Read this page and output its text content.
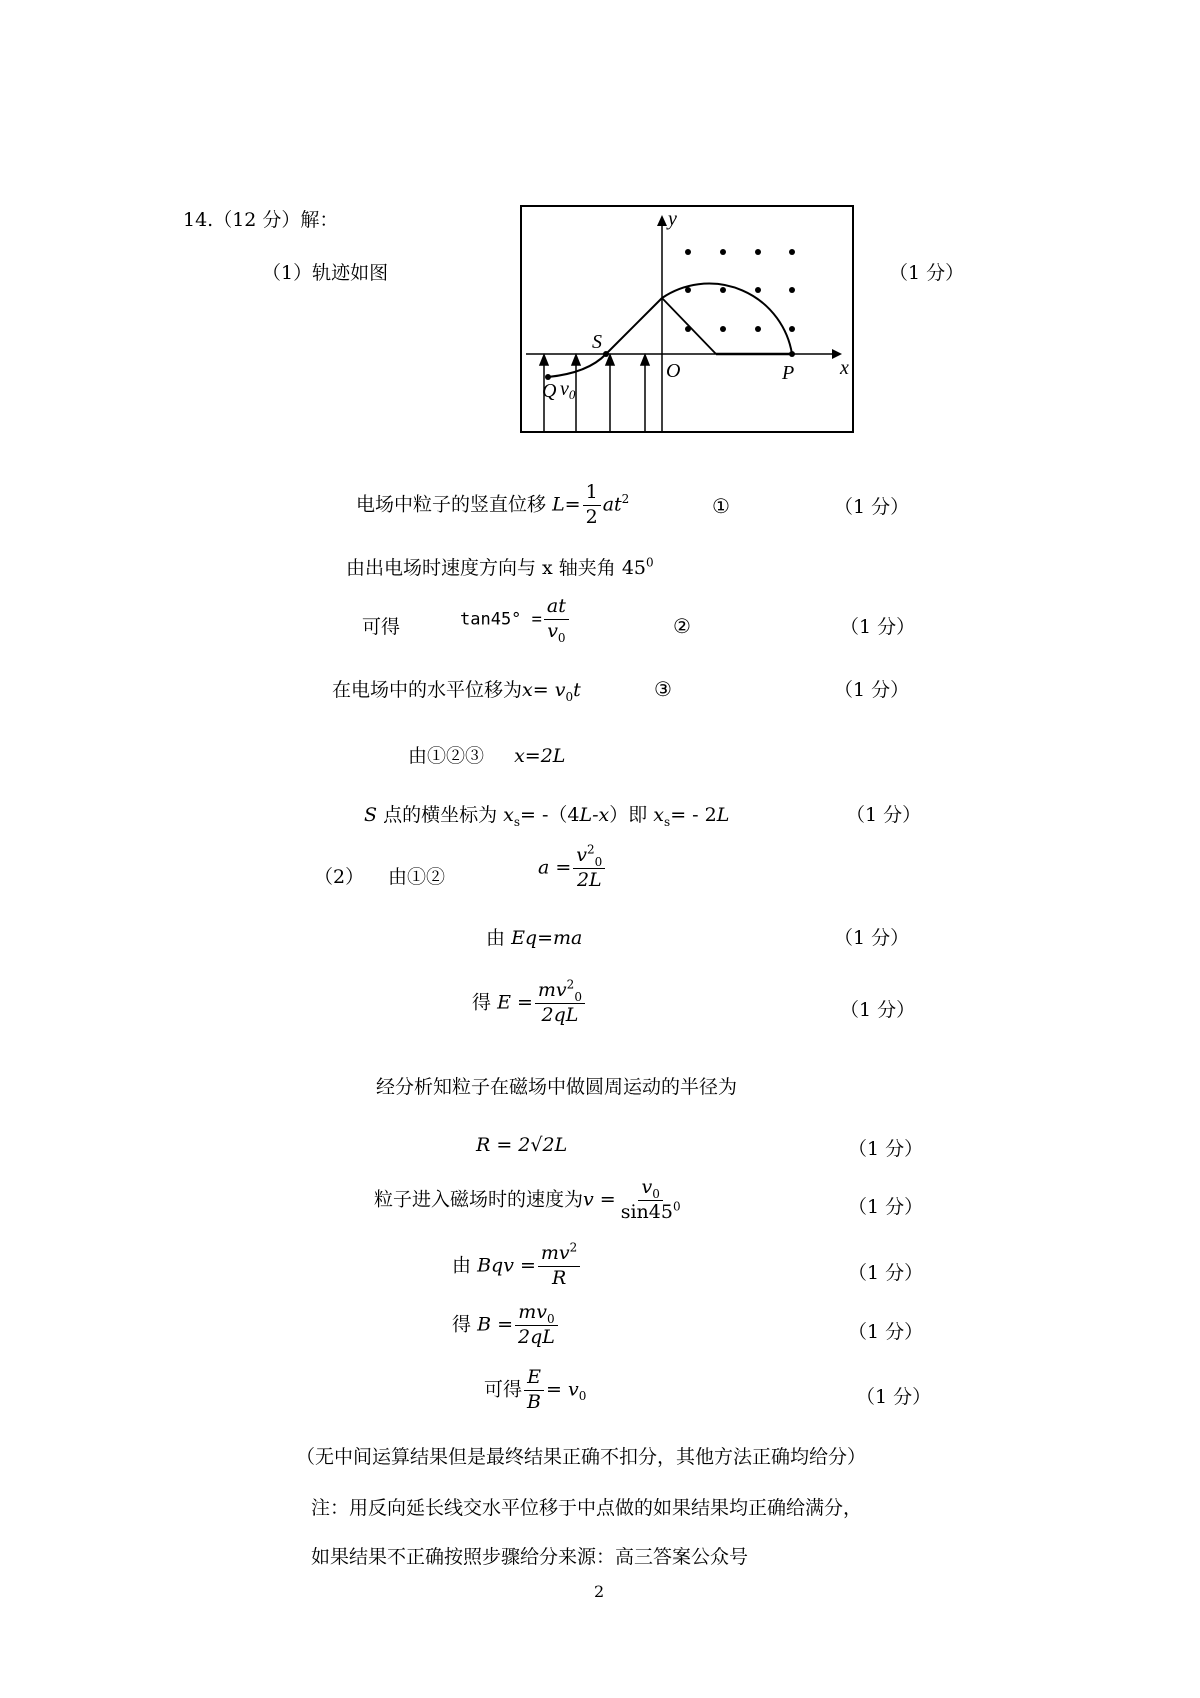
14.（12 分）解：
（1）轨迹如图	（1 分）
y
x
S
O	P
Q $v_0$
电场中粒子的竖直位移 $L= \frac{1}{2} at^2$	①	（1 分）
由出电场时速度方向与 x 轴夹角 $45^0$
可得	$\tan 45^\circ = \frac{at}{v_0}$	②	（1 分）
在电场中的水平位移为$x= v_0t$	③	（1 分）
由①②③ x=2L
S 点的横坐标为 $x_s= -(4L-x)$即 $x_s= - 2L$	（1 分）
（2） 由①②	$a = \frac{v^2_0}{2L}$
由 Eq=ma	（1 分）
得 $E = \frac{mv^2_0}{2qL}$	（1 分）
经分析知粒子在磁场中做圆周运动的半径为
R = 2√2L	（1 分）
粒子进入磁场时的速度为$v = \frac{v_0}{\sin 45^0}$	（1 分）
由 Bqv = $\frac{mv^2}{R}$	（1 分）
得 $B = \frac{mv_0}{2qL}$	（1 分）
可得 $\frac{E}{B} = v_0$	（1 分）
（无中间运算结果但是最终结果正确不扣分，其他方法正确均给分）
注：用反向延长线交水平位移于中点做的如果结果均正确给满分，
如果结果不正确按照步骤给分来源：高三答案公众号
2
